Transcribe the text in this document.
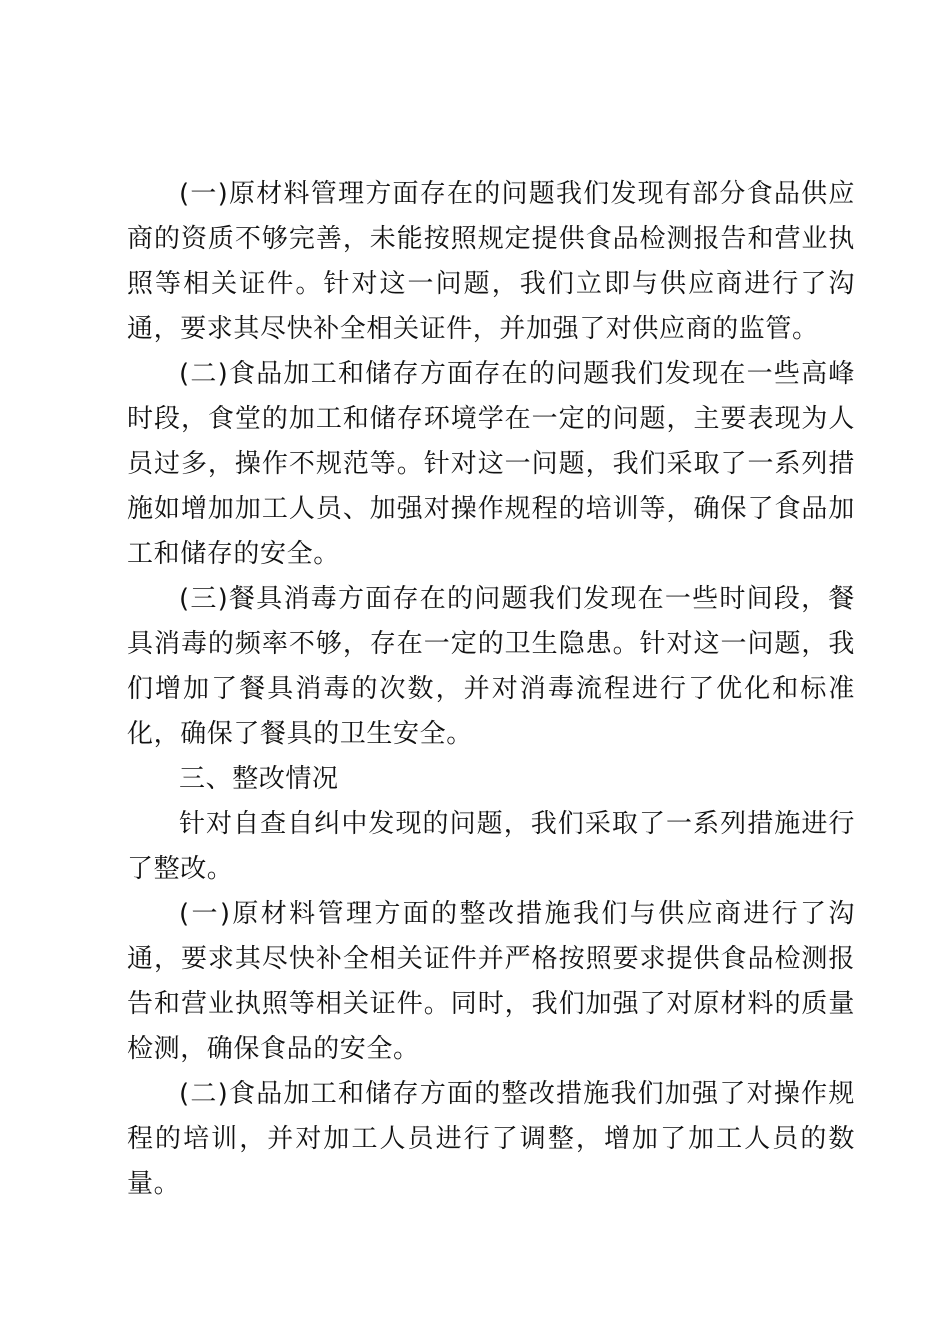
(一)原材料管理方面存在的问题我们发现有部分食品供应商的资质不够完善，未能按照规定提供食品检测报告和营业执照等相关证件。针对这一问题，我们立即与供应商进行了沟通，要求其尽快补全相关证件，并加强了对供应商的监管。

(二)食品加工和储存方面存在的问题我们发现在一些高峰时段，食堂的加工和储存环境学在一定的问题，主要表现为人员过多，操作不规范等。针对这一问题，我们采取了一系列措施如增加加工人员、加强对操作规程的培训等，确保了食品加工和储存的安全。

(三)餐具消毒方面存在的问题我们发现在一些时间段，餐具消毒的频率不够，存在一定的卫生隐患。针对这一问题，我们增加了餐具消毒的次数，并对消毒流程进行了优化和标准化，确保了餐具的卫生安全。

三、整改情况

针对自查自纠中发现的问题，我们采取了一系列措施进行了整改。

(一)原材料管理方面的整改措施我们与供应商进行了沟通，要求其尽快补全相关证件并严格按照要求提供食品检测报告和营业执照等相关证件。同时，我们加强了对原材料的质量检测，确保食品的安全。

(二)食品加工和储存方面的整改措施我们加强了对操作规程的培训，并对加工人员进行了调整，增加了加工人员的数量。
